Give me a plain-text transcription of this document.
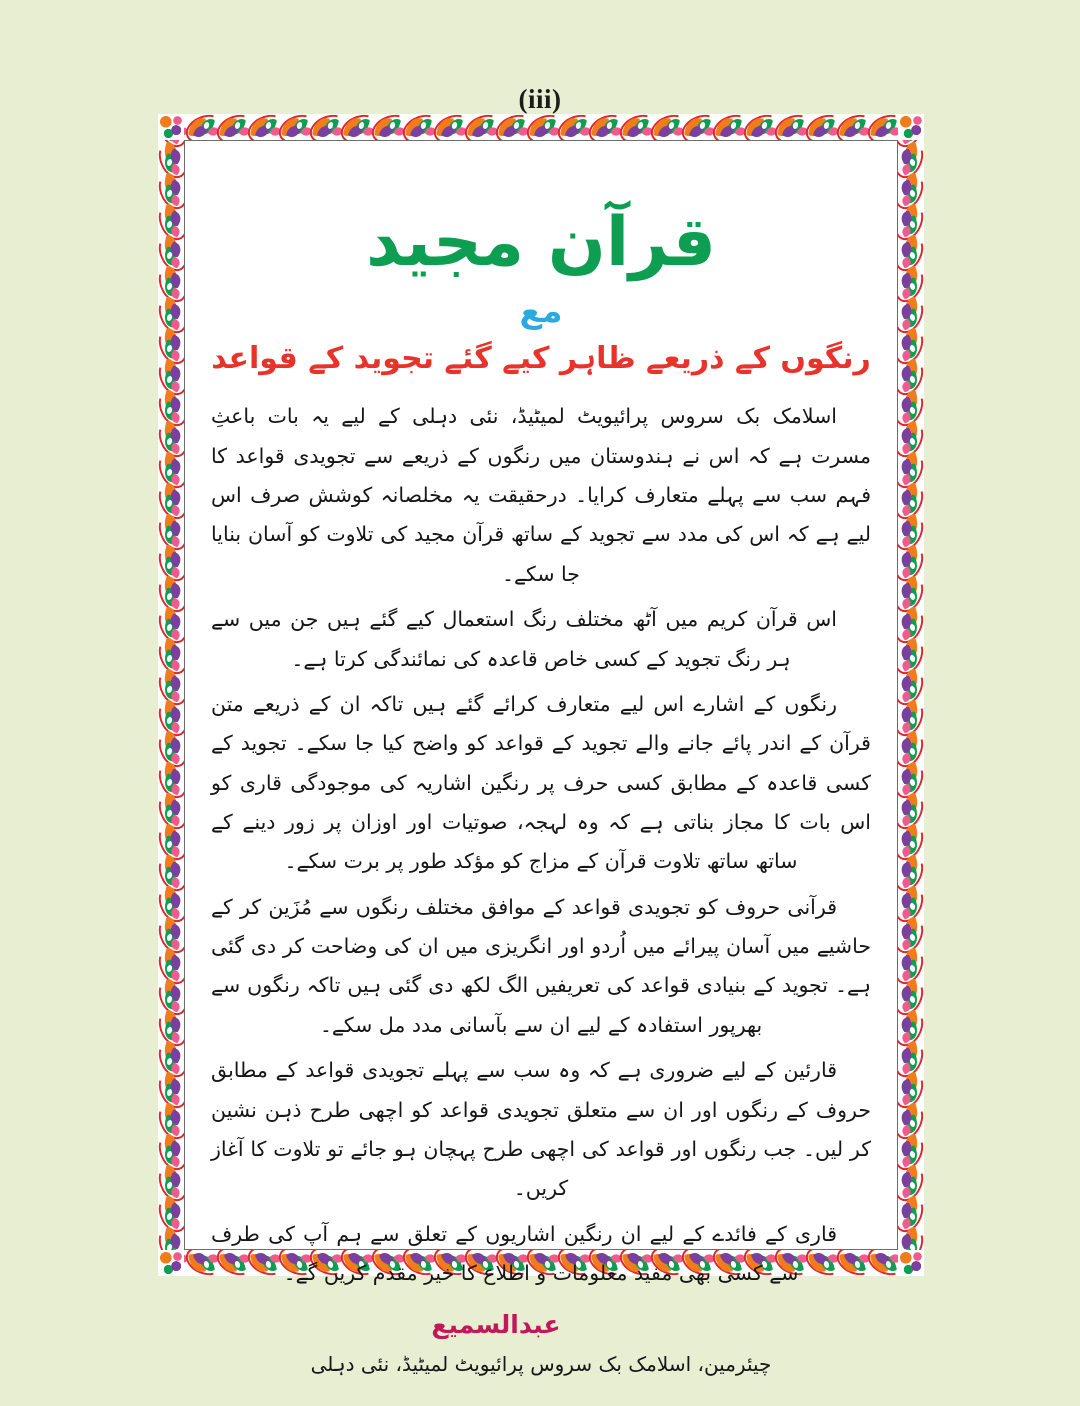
(iii)
قرآن مجید
مع
رنگوں کے ذریعے ظاہر کیے گئے تجوید کے قواعد

اسلامک بک سروس پرائیویٹ لمیٹیڈ، نئی دہلی کے لیے یہ بات باعثِ مسرت ہے کہ اس نے ہندوستان میں رنگوں کے ذریعے سے تجویدی قواعد کا فہم سب سے پہلے متعارف کرایا۔ درحقیقت یہ مخلصانہ کوشش صرف اس لیے ہے کہ اس کی مدد سے تجوید کے ساتھ قرآن مجید کی تلاوت کو آسان بنایا جا سکے۔

اس قرآن کریم میں آٹھ مختلف رنگ استعمال کیے گئے ہیں جن میں سے ہر رنگ تجوید کے کسی خاص قاعدہ کی نمائندگی کرتا ہے۔

رنگوں کے اشارے اس لیے متعارف کرائے گئے ہیں تاکہ ان کے ذریعے متن قرآن کے اندر پائے جانے والے تجوید کے قواعد کو واضح کیا جا سکے۔ تجوید کے کسی قاعدہ کے مطابق کسی حرف پر رنگین اشاریہ کی موجودگی قاری کو اس بات کا مجاز بناتی ہے کہ وہ لہجہ، صوتیات اور اوزان پر زور دینے کے ساتھ ساتھ تلاوت قرآن کے مزاج کو مؤکد طور پر برت سکے۔

قرآنی حروف کو تجویدی قواعد کے موافق مختلف رنگوں سے مُزَین کر کے حاشیے میں آسان پیرائے میں اُردو اور انگریزی میں ان کی وضاحت کر دی گئی ہے۔ تجوید کے بنیادی قواعد کی تعریفیں الگ لکھ دی گئی ہیں تاکہ رنگوں سے بھرپور استفادہ کے لیے ان سے بآسانی مدد مل سکے۔

قارئین کے لیے ضروری ہے کہ وہ سب سے پہلے تجویدی قواعد کے مطابق حروف کے رنگوں اور ان سے متعلق تجویدی قواعد کو اچھی طرح ذہن نشین کر لیں۔ جب رنگوں اور قواعد کی اچھی طرح پہچان ہو جائے تو تلاوت کا آغاز کریں۔

قاری کے فائدے کے لیے ان رنگین اشاریوں کے تعلق سے ہم آپ کی طرف سے کسی بھی مفید معلومات و اطلاع کا خیر مقدم کریں گے۔

عبدالسمیع
چیئرمین، اسلامک بک سروس پرائیویٹ لمیٹیڈ، نئی دہلی
